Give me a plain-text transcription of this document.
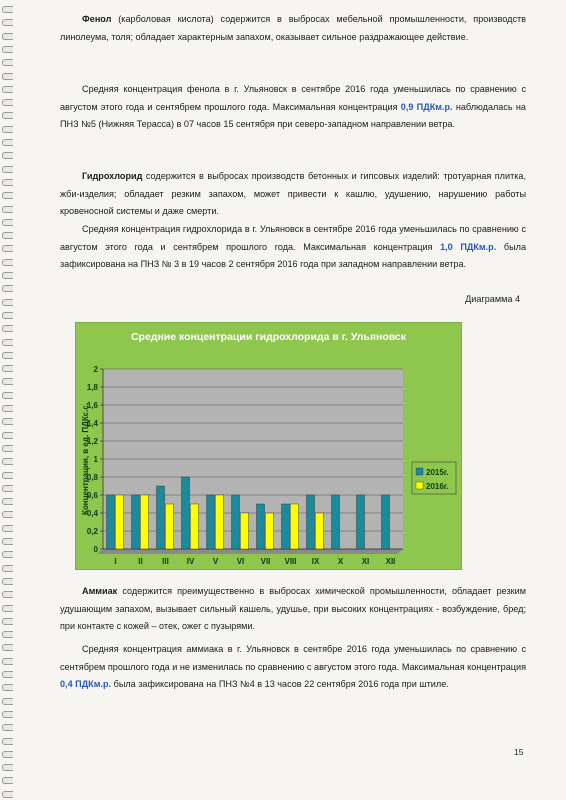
Фенол (карболовая кислота) содержится в выбросах мебельной промышленности, производств линолеума, толя; обладает характерным запахом, оказывает сильное раздражающее действие.

Средняя концентрация фенола в г. Ульяновск в сентябре 2016 года уменьшилась по сравнению с августом этого года и сентябрем прошлого года. Максимальная концентрация 0,9 ПДКм.р. наблюдалась на ПНЗ №5 (Нижняя Терасса) в 07 часов 15 сентября при северо-западном направлении ветра.

Гидрохлорид содержится в выбросах производств бетонных и гипсовых изделий: тротуарная плитка, жби-изделия; обладает резким запахом, может привести к кашлю, удушению, нарушению работы кровеносной системы и даже смерти.

Средняя концентрация гидрохлорида в г. Ульяновск в сентябре 2016 года уменьшилась по сравнению с августом этого года и сентябрем прошлого года. Максимальная концентрация 1,0 ПДКм.р. была зафиксирована на ПНЗ № 3 в 19 часов 2 сентября 2016 года при западном направлении ветра.

Диаграмма 4

Аммиак содержится преимущественно в выбросах химической промышленности, обладает резким удушающим запахом, вызывает сильный кашель, удушье, при высоких концентрациях - возбуждение, бред; при контакте с кожей – отек, ожег с пузырями.

Средняя концентрация аммиака в г. Ульяновск в сентябре 2016 года уменьшилась по сравнению с сентябрем прошлого года и не изменилась по сравнению с августом этого года. Максимальная концентрация 0,4 ПДКм.р. была зафиксирована на ПНЗ №4 в 13 часов 22 сентября 2016 года при штиле.

Средние концентрации гидрохлорида в г. Ульяновск
0
0,2
0,4
0,6
0,8
1
1,2
1,4
1,6
1,8
2
I	II III IV V VI VII VIII IX X XI XII
Концентрации, в ед. ПДКс.с.	2015г.
2016г.
15
